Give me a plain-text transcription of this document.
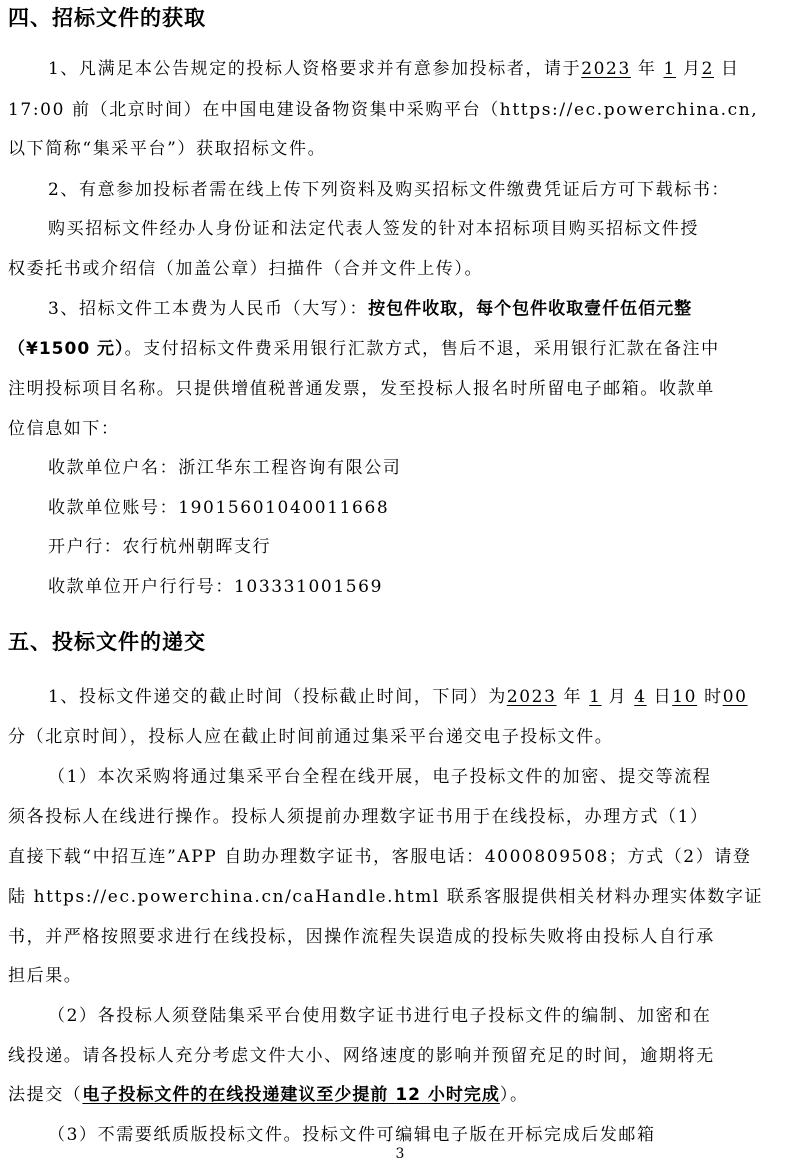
四、招标文件的获取
1、凡满足本公告规定的投标人资格要求并有意参加投标者，请于2023 年 1 月2 日
17:00 前（北京时间）在中国电建设备物资集中采购平台（https://ec.powerchina.cn,
以下简称“集采平台”）获取招标文件。
2、有意参加投标者需在线上传下列资料及购买招标文件缴费凭证后方可下载标书：
购买招标文件经办人身份证和法定代表人签发的针对本招标项目购买招标文件授
权委托书或介绍信（加盖公章）扫描件（合并文件上传）。
3、招标文件工本费为人民币（大写）：按包件收取，每个包件收取壹仟伍佰元整
（¥1500 元）。支付招标文件费采用银行汇款方式，售后不退，采用银行汇款在备注中
注明投标项目名称。只提供增值税普通发票，发至投标人报名时所留电子邮箱。收款单
位信息如下：
收款单位户名：浙江华东工程咨询有限公司
收款单位账号：19015601040011668
开户行：农行杭州朝晖支行
收款单位开户行行号：103331001569
五、投标文件的递交
1、投标文件递交的截止时间（投标截止时间，下同）为2023 年 1 月 4 日10 时00
分（北京时间），投标人应在截止时间前通过集采平台递交电子投标文件。
（1）本次采购将通过集采平台全程在线开展，电子投标文件的加密、提交等流程
须各投标人在线进行操作。投标人须提前办理数字证书用于在线投标，办理方式（1）
直接下载“中招互连”APP 自助办理数字证书，客服电话：4000809508；方式（2）请登
陆 https://ec.powerchina.cn/caHandle.html 联系客服提供相关材料办理实体数字证
书，并严格按照要求进行在线投标，因操作流程失误造成的投标失败将由投标人自行承
担后果。
（2）各投标人须登陆集采平台使用数字证书进行电子投标文件的编制、加密和在
线投递。请各投标人充分考虑文件大小、网络速度的影响并预留充足的时间，逾期将无
法提交（电子投标文件的在线投递建议至少提前 12 小时完成）。
（3）不需要纸质版投标文件。投标文件可编辑电子版在开标完成后发邮箱
3
